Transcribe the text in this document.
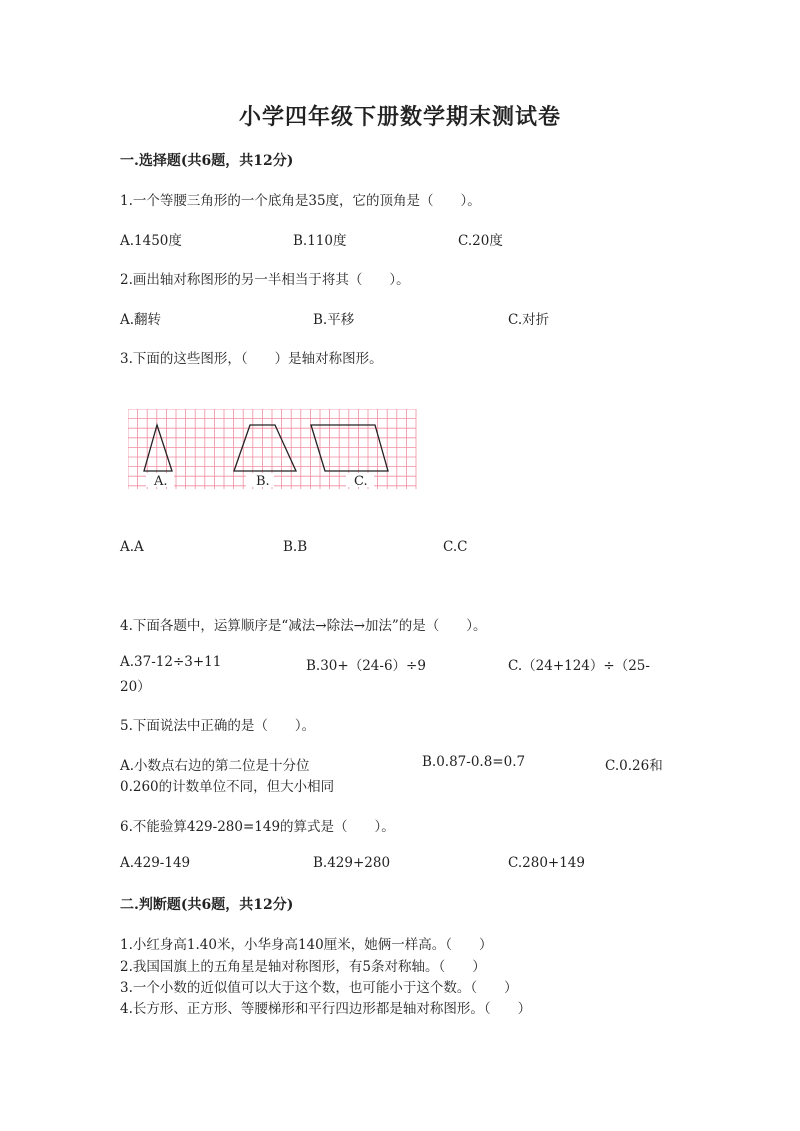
小学四年级下册数学期末测试卷
一.选择题(共6题，共12分)
1.一个等腰三角形的一个底角是35度，它的顶角是（　　）。
A.1450度	B.110度	C.20度
2.画出轴对称图形的另一半相当于将其（　　）。
A.翻转	B.平移	C.对折
3.下面的这些图形，（　　）是轴对称图形。
A.	B.	C.
A.A	B.B	C.C
4.下面各题中，运算顺序是“减法→除法→加法”的是（　　）。
A.37-12÷3+11	B.30+（24-6）÷9	C.（24+124）÷（25-
20）
5.下面说法中正确的是（　　）。
A.小数点右边的第二位是十分位	B.0.87-0.8=0.7	C.0.26和
0.260的计数单位不同，但大小相同
6.不能验算429-280=149的算式是（　　）。
A.429-149	B.429+280	C.280+149
二.判断题(共6题，共12分)
1.小红身高1.40米，小华身高140厘米，她俩一样高。（　　）
2.我国国旗上的五角星是轴对称图形，有5条对称轴。（　　）
3.一个小数的近似值可以大于这个数，也可能小于这个数。（　　）
4.长方形、正方形、等腰梯形和平行四边形都是轴对称图形。（　　）
